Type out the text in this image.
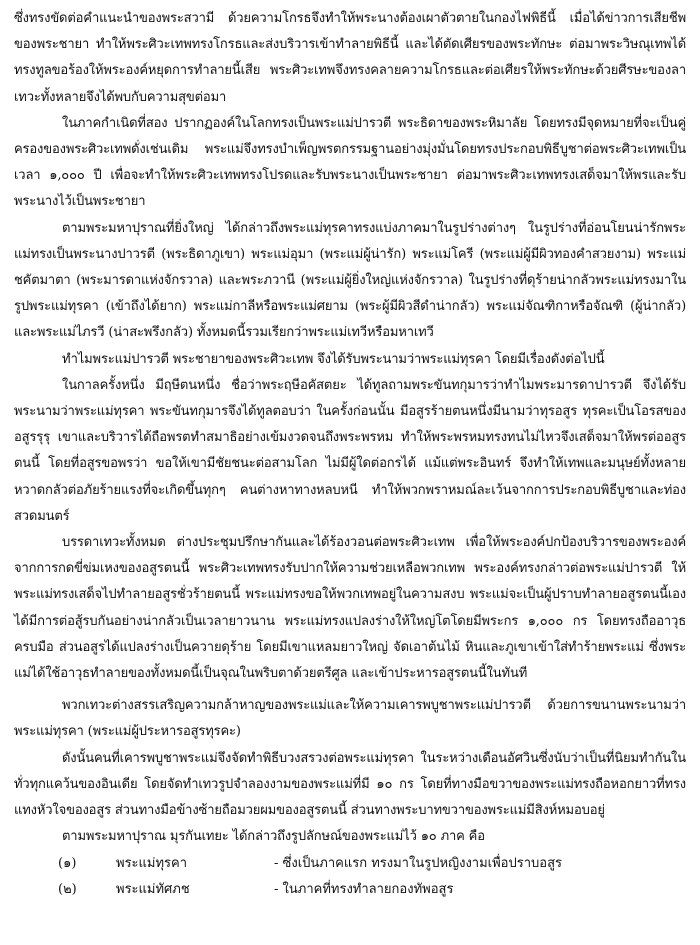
ซึ่งทรงขัดต่อคำแนะนำของพระสวามี ด้วยความโกรธจึงทำให้พระนางต้องเผาตัวตายในกองไฟพิธีนี้ เมื่อได้ข่าวการเสียชีพของพระชายา ทำให้พระศิวะเทพทรงโกรธและส่งบริวารเข้าทำลายพิธีนี้ และได้ตัดเศียรของพระทักษะ ต่อมาพระวิษณุเทพได้ทรงทูลขอร้องให้พระองค์หยุดการทำลายนี้เสีย พระศิวะเทพจึงทรงคลายความโกรธและต่อเศียรให้พระทักษะด้วยศีรษะของลา เทวะทั้งหลายจึงได้พบกับความสุขต่อมา

ในภาคกำเนิดที่สอง ปรากฏองค์ในโลกทรงเป็นพระแม่ปารวตี พระธิดาของพระหิมาลัย โดยทรงมีจุดหมายที่จะเป็นคู่ครองของพระศิวะเทพดั่งเช่นเดิม พระแม่จึงทรงบำเพ็ญพรตกรรมฐานอย่างมุ่งมั่นโดยทรงประกอบพิธีบูชาต่อพระศิวะเทพเป็นเวลา ๑,๐๐๐ ปี เพื่อจะทำให้พระศิวะเทพทรงโปรดและรับพระนางเป็นพระชายา ต่อมาพระศิวะเทพทรงเสด็จมาให้พรและรับพระนางไว้เป็นพระชายา

ตามพระมหาปุราณที่ยิ่งใหญ่ ได้กล่าวถึงพระแม่ทุรคาทรงแบ่งภาคมาในรูปร่างต่างๆ ในรูปร่างที่อ่อนโยนน่ารักพระแม่ทรงเป็นพระนางปาวรตี (พระธิดาภูเขา) พระแม่อุมา (พระแม่ผู้น่ารัก) พระแม่โครี (พระแม่ผู้มีผิวทองคำสวยงาม) พระแม่ชคัตมาตา (พระมารดาแห่งจักรวาล) และพระภวานี (พระแม่ผู้ยิ่งใหญ่แห่งจักรวาล) ในรูปร่างที่ดุร้ายน่ากลัวพระแม่ทรงมาในรูปพระแม่ทุรคา (เข้าถึงได้ยาก) พระแม่กาลีหรือพระแม่ศยาม (พระผู้มีผิวสีดำน่ากลัว) พระแม่จัณฑิกาหรือจัณฑิ (ผู้น่ากลัว) และพระแม่ไภรวี (น่าสะพรึงกลัว) ทั้งหมดนี้รวมเรียกว่าพระแม่เทวีหรือมหาเทวี

ทำไมพระแม่ปารวตี พระชายาของพระศิวะเทพ จึงได้รับพระนามว่าพระแม่ทุรคา โดยมีเรื่องดังต่อไปนี้

ในกาลครั้งหนึ่ง มีฤษีตนหนึ่ง ชื่อว่าพระฤษีอคัสตยะ ได้ทูลถามพระขันทกุมารว่าทำไมพระมารดาปารวตี จึงได้รับพระนามว่าพระแม่ทุรคา พระขันทกุมารจึงได้ทูลตอบว่า ในครั้งก่อนนั้น มีอสูรร้ายตนหนึ่งมีนามว่าทุรอสูร ทุรคะเป็นโอรสของอสูรรุรุ เขาและบริวารได้ถือพรตทำสมาธิอย่างเข้มงวดจนถึงพระพรหม ทำให้พระพรหมทรงทนไม่ไหวจึงเสด็จมาให้พรต่ออสูรตนนี้ โดยที่อสูรขอพรว่า ขอให้เขามีชัยชนะต่อสามโลก ไม่มีผู้ใดต่อกรได้ แม้แต่พระอินทร์ จึงทำให้เทพและมนุษย์ทั้งหลายหวาดกลัวต่อภัยร้ายแรงที่จะเกิดขึ้นทุกๆ คนต่างหาทางหลบหนี ทำให้พวกพราหมณ์ละเว้นจากการประกอบพิธีบูชาและท่องสวดมนตร์

บรรดาเทวะทั้งหมด ต่างประชุมปรึกษากันและได้ร้องวอนต่อพระศิวะเทพ เพื่อให้พระองค์ปกป้องบริวารของพระองค์จากการกดขี่ข่มเหงของอสูรตนนี้ พระศิวะเทพทรงรับปากให้ความช่วยเหลือพวกเทพ พระองค์ทรงกล่าวต่อพระแม่ปารวตี ให้พระแม่ทรงเสด็จไปทำลายอสูรชั่วร้ายตนนี้ พระแม่ทรงขอให้พวกเทพอยู่ในความสงบ พระแม่จะเป็นผู้ปราบทำลายอสูรตนนี้เอง ได้มีการต่อสู้รบกันอย่างน่ากลัวเป็นเวลายาวนาน พระแม่ทรงแปลงร่างให้ใหญ่โตโดยมีพระกร ๑,๐๐๐ กร โดยทรงถืออาวุธครบมือ ส่วนอสูรได้แปลงร่างเป็นควายดุร้าย โดยมีเขาแหลมยาวใหญ่ จัดเอาต้นไม้ หินและภูเขาเข้าใส่ทำร้ายพระแม่ ซึ่งพระแม่ได้ใช้อาวุธทำลายของทั้งหมดนี้เป็นจุณในพริบตาด้วยตรีศูล และเข้าประหารอสูรตนนี้ในทันที

พวกเทวะต่างสรรเสริญความกล้าหาญของพระแม่และให้ความเคารพบูชาพระแม่ปารวตี ด้วยการขนานพระนามว่า พระแม่ทุรคา (พระแม่ผู้ประหารอสูรทุรคะ)

ดังนั้นคนที่เคารพบูชาพระแม่จึงจัดทำพิธีบวงสรวงต่อพระแม่ทุรคา ในระหว่างเดือนอัศวินซึ่งนับว่าเป็นที่นิยมทำกันในทั่วทุกแคว้นของอินเดีย โดยจัดทำเทวรูปจำลองงามของพระแม่ที่มี ๑๐ กร โดยที่ทางมือขวาของพระแม่ทรงถือหอกยาวที่ทรงแทงหัวใจของอสูร ส่วนทางมือข้างซ้ายถือมวยผมของอสูรตนนี้ ส่วนทางพระบาทขวาของพระแม่มีสิงห์หมอบอยู่

ตามพระมหาปุราณ มุรกันเทยะ ได้กล่าวถึงรูปลักษณ์ของพระแม่ไว้ ๑๐ ภาค คือ

(๑)	พระแม่ทุรคา	- ซึ่งเป็นภาคแรก ทรงมาในรูปหญิงงามเพื่อปราบอสูร
(๒)	พระแม่ทัศภช	- ในภาคที่ทรงทำลายกองทัพอสูร
